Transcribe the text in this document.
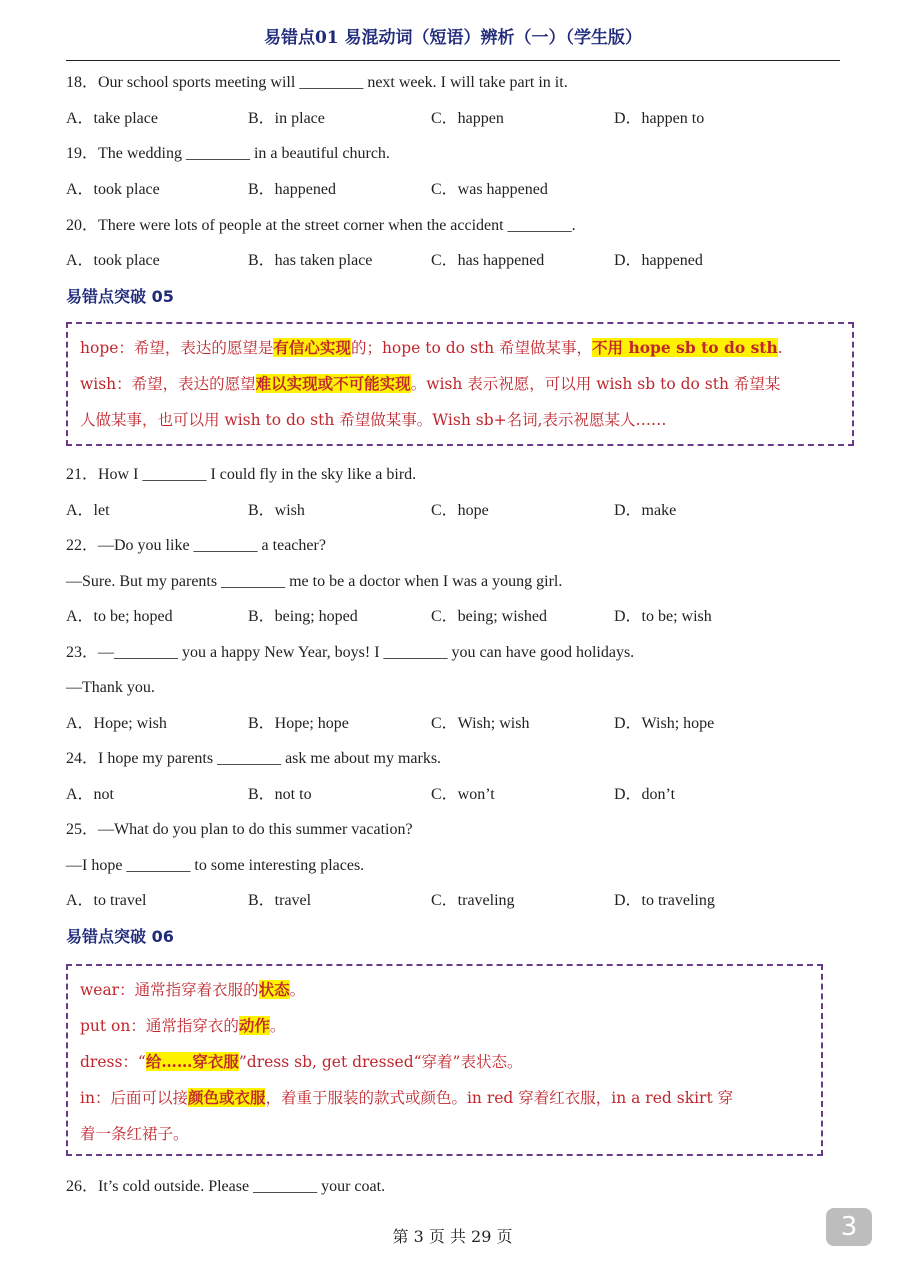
易错点01 易混动词（短语）辨析（一）（学生版）
18．Our school sports meeting will ________ next week. I will take part in it.
A．take place	B．in place	C．happen	D．happen to
19．The wedding ________ in a beautiful church.
A．took place	B．happened	C．was happened
20．There were lots of people at the street corner when the accident ________.
A．took place	B．has taken place	C．has happened	D．happened
易错点突破 05
hope：希望，表达的愿望是有信心实现的；hope to do sth 希望做某事，不用 hope sb to do sth.
wish：希望，表达的愿望难以实现或不可能实现。wish 表示祝愿，可以用 wish sb to do sth 希望某
人做某事，也可以用 wish to do sth 希望做某事。Wish sb+名词,表示祝愿某人……
21．How I ________ I could fly in the sky like a bird.
A．let	B．wish	C．hope	D．make
22．—Do you like ________ a teacher?
—Sure. But my parents ________ me to be a doctor when I was a young girl.
A．to be; hoped	B．being; hoped	C．being; wished	D．to be; wish
23．—________ you a happy New Year, boys! I ________ you can have good holidays.
—Thank you.
A．Hope; wish	B．Hope; hope	C．Wish; wish	D．Wish; hope
24．I hope my parents ________ ask me about my marks.
A．not	B．not to	C．won’t	D．don’t
25．—What do you plan to do this summer vacation?
—I hope ________ to some interesting places.
A．to travel	B．travel	C．traveling	D．to traveling
易错点突破 06
wear：通常指穿着衣服的状态。
put on：通常指穿衣的动作。
dress：“给……穿衣服”dress sb, get dressed“穿着”表状态。
in：后面可以接颜色或衣服，着重于服装的款式或颜色。in red 穿着红衣服，in a red skirt 穿
着一条红裙子。
26．It’s cold outside. Please ________ your coat.
第 3 页 共 29 页	3
